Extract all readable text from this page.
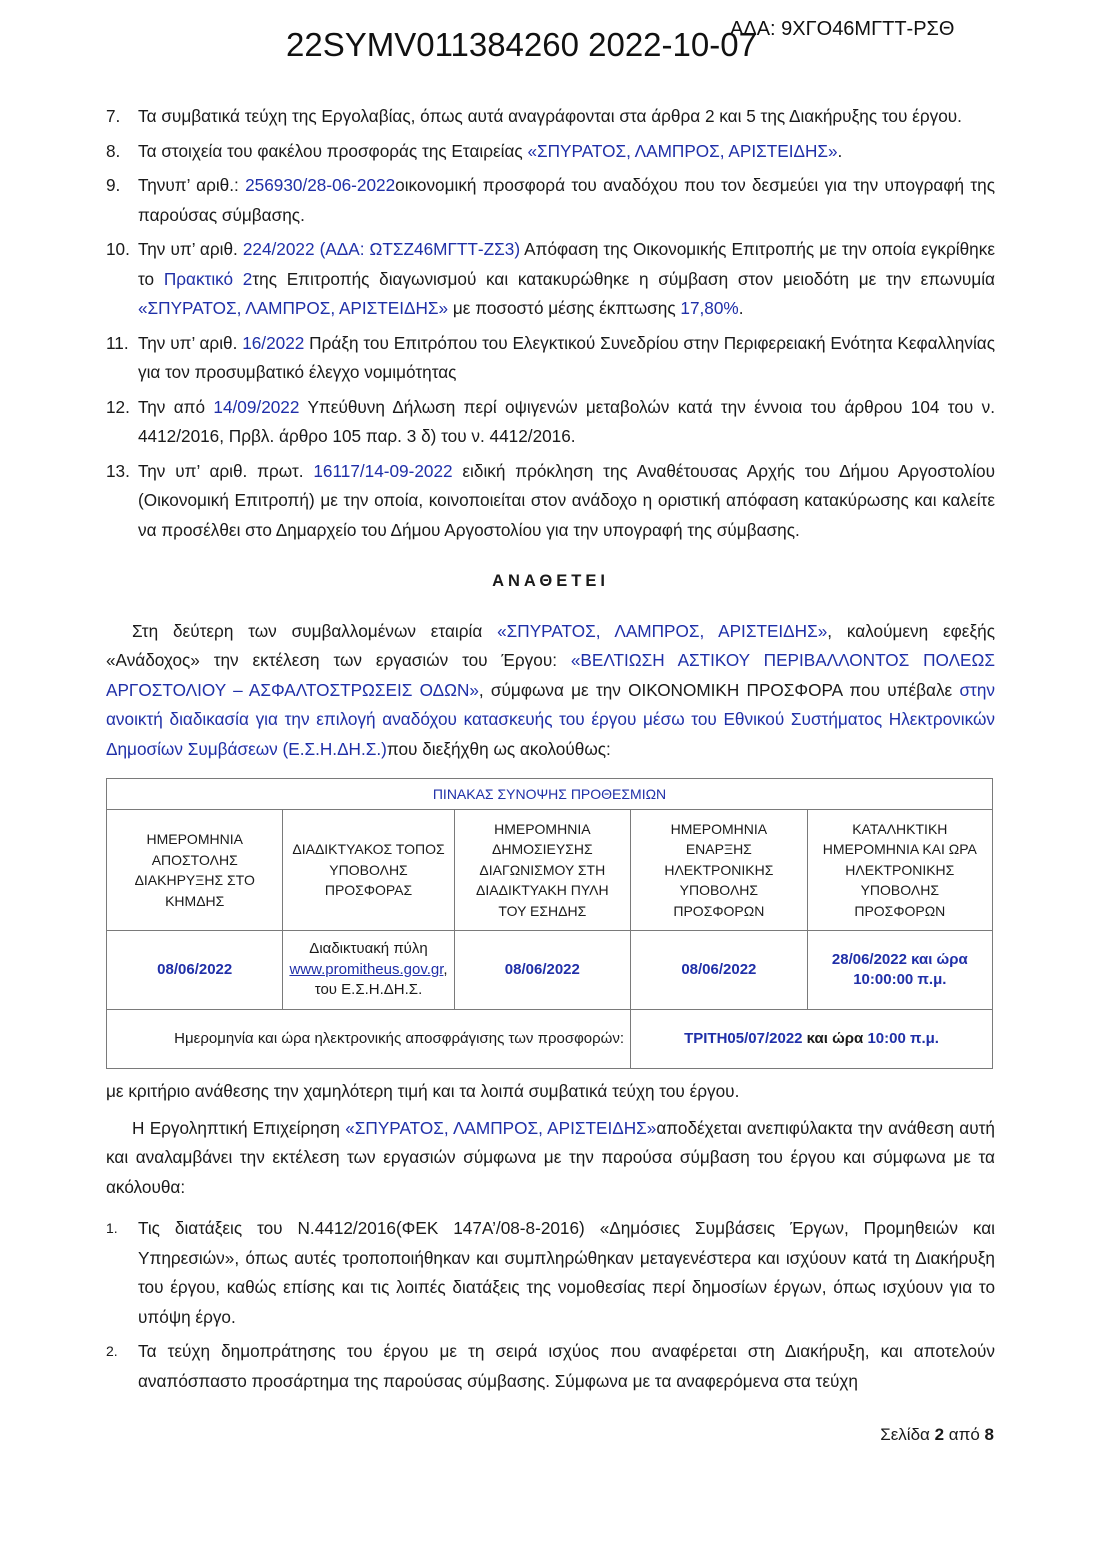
22SYMV011384260 2022-10-07
ΑΔΑ: 9ΧΓΟ46ΜΓΤΤ-ΡΣΘ
7. Τα συμβατικά τεύχη της Εργολαβίας, όπως αυτά αναγράφονται στα άρθρα 2 και 5 της Διακήρυξης του έργου.
8. Τα στοιχεία του φακέλου προσφοράς της Εταιρείας «ΣΠΥΡΑΤΟΣ, ΛΑΜΠΡΟΣ, ΑΡΙΣΤΕΙΔΗΣ».
9. Τηνυπ’ αριθ.: 256930/28-06-2022οικονομική προσφορά του αναδόχου που τον δεσμεύει για την υπογραφή της παρούσας σύμβασης.
10. Την υπ’ αριθ. 224/2022 (ΑΔΑ: ΩΤΣΖ46ΜΓΤΤ-ΖΣ3) Απόφαση της Οικονομικής Επιτροπής με την οποία εγκρίθηκε το Πρακτικό 2της Επιτροπής διαγωνισμού και κατακυρώθηκε η σύμβαση στον μειοδότη με την επωνυμία «ΣΠΥΡΑΤΟΣ, ΛΑΜΠΡΟΣ, ΑΡΙΣΤΕΙΔΗΣ» με ποσοστό μέσης έκπτωσης 17,80%.
11. Την υπ’ αριθ. 16/2022 Πράξη του Επιτρόπου του Ελεγκτικού Συνεδρίου στην Περιφερειακή Ενότητα Κεφαλληνίας για τον προσυμβατικό έλεγχο νομιμότητας
12. Την από 14/09/2022 Υπεύθυνη Δήλωση περί οψιγενών μεταβολών κατά την έννοια του άρθρου 104 του ν. 4412/2016, Πρβλ. άρθρο 105 παρ. 3 δ) του ν. 4412/2016.
13. Την υπ’ αριθ. πρωτ. 16117/14-09-2022 ειδική πρόκληση της Αναθέτουσας Αρχής του Δήμου Αργοστολίου (Οικονομική Επιτροπή) με την οποία, κοινοποιείται στον ανάδοχο η οριστική απόφαση κατακύρωσης και καλείτε να προσέλθει στο Δημαρχείο του Δήμου Αργοστολίου για την υπογραφή της σύμβασης.
ΑΝΑΘΕΤΕΙ

Στη δεύτερη των συμβαλλομένων εταιρία «ΣΠΥΡΑΤΟΣ, ΛΑΜΠΡΟΣ, ΑΡΙΣΤΕΙΔΗΣ», καλούμενη εφεξής «Ανάδοχος» την εκτέλεση των εργασιών του Έργου: «ΒΕΛΤΙΩΣΗ ΑΣΤΙΚΟΥ ΠΕΡΙΒΑΛΛΟΝΤΟΣ ΠΟΛΕΩΣ ΑΡΓΟΣΤΟΛΙΟΥ – ΑΣΦΑΛΤΟΣΤΡΩΣΕΙΣ ΟΔΩΝ», σύμφωνα με την ΟΙΚΟΝΟΜΙΚΗ ΠΡΟΣΦΟΡΑ που υπέβαλε στην ανοικτή διαδικασία για την επιλογή αναδόχου κατασκευής του έργου μέσω του Εθνικού Συστήματος Ηλεκτρονικών Δημοσίων Συμβάσεων (Ε.Σ.Η.ΔΗ.Σ.)που διεξήχθη ως ακολούθως:

ΠΙΝΑΚΑΣ ΣΥΝΟΨΗΣ ΠΡΟΘΕΣΜΙΩΝ				
ΗΜΕΡΟΜΗΝΙΑ ΑΠΟΣΤΟΛΗΣ ΔΙΑΚΗΡΥΞΗΣ ΣΤΟ ΚΗΜΔΗΣ	ΔΙΑΔΙΚΤΥΑΚΟΣ ΤΟΠΟΣ ΥΠΟΒΟΛΗΣ ΠΡΟΣΦΟΡΑΣ	ΗΜΕΡΟΜΗΝΙΑ ΔΗΜΟΣΙΕΥΣΗΣ ΔΙΑΓΩΝΙΣΜΟΥ ΣΤΗ ΔΙΑΔΙΚΤΥΑΚΗ ΠΥΛΗ ΤΟΥ ΕΣΗΔΗΣ	ΗΜΕΡΟΜΗΝΙΑ ΕΝΑΡΞΗΣ ΗΛΕΚΤΡΟΝΙΚΗΣ ΥΠΟΒΟΛΗΣ ΠΡΟΣΦΟΡΩΝ	ΚΑΤΑΛΗΚΤΙΚΗ ΗΜΕΡΟΜΗΝΙΑ ΚΑΙ ΩΡΑ ΗΛΕΚΤΡΟΝΙΚΗΣ ΥΠΟΒΟΛΗΣ ΠΡΟΣΦΟΡΩΝ
08/06/2022	Διαδικτυακή πύλη www.promitheus.gov.gr, του Ε.Σ.Η.ΔΗ.Σ.	08/06/2022	08/06/2022	28/06/2022 και ώρα 10:00:00 π.μ.
Ημερομηνία και ώρα ηλεκτρονικής αποσφράγισης των προσφορών:			ΤΡΙΤΗ05/07/2022 και ώρα 10:00 π.μ.	

με κριτήριο ανάθεσης την χαμηλότερη τιμή και τα λοιπά συμβατικά τεύχη του έργου.

Η Εργοληπτική Επιχείρηση «ΣΠΥΡΑΤΟΣ, ΛΑΜΠΡΟΣ, ΑΡΙΣΤΕΙΔΗΣ»αποδέχεται ανεπιφύλακτα την ανάθεση αυτή και αναλαμβάνει την εκτέλεση των εργασιών σύμφωνα με την παρούσα σύμβαση του έργου και σύμφωνα με τα ακόλουθα:

1. Τις διατάξεις του Ν.4412/2016(ΦΕΚ 147Α’/08-8-2016) «Δημόσιες Συμβάσεις Έργων, Προμηθειών και Υπηρεσιών», όπως αυτές τροποποιήθηκαν και συμπληρώθηκαν μεταγενέστερα και ισχύουν κατά τη Διακήρυξη του έργου, καθώς επίσης και τις λοιπές διατάξεις της νομοθεσίας περί δημοσίων έργων, όπως ισχύουν για το υπόψη έργο.
2. Τα τεύχη δημοπράτησης του έργου με τη σειρά ισχύος που αναφέρεται στη Διακήρυξη, και αποτελούν αναπόσπαστο προσάρτημα της παρούσας σύμβασης. Σύμφωνα με τα αναφερόμενα στα τεύχη
Σελίδα 2 από 8
